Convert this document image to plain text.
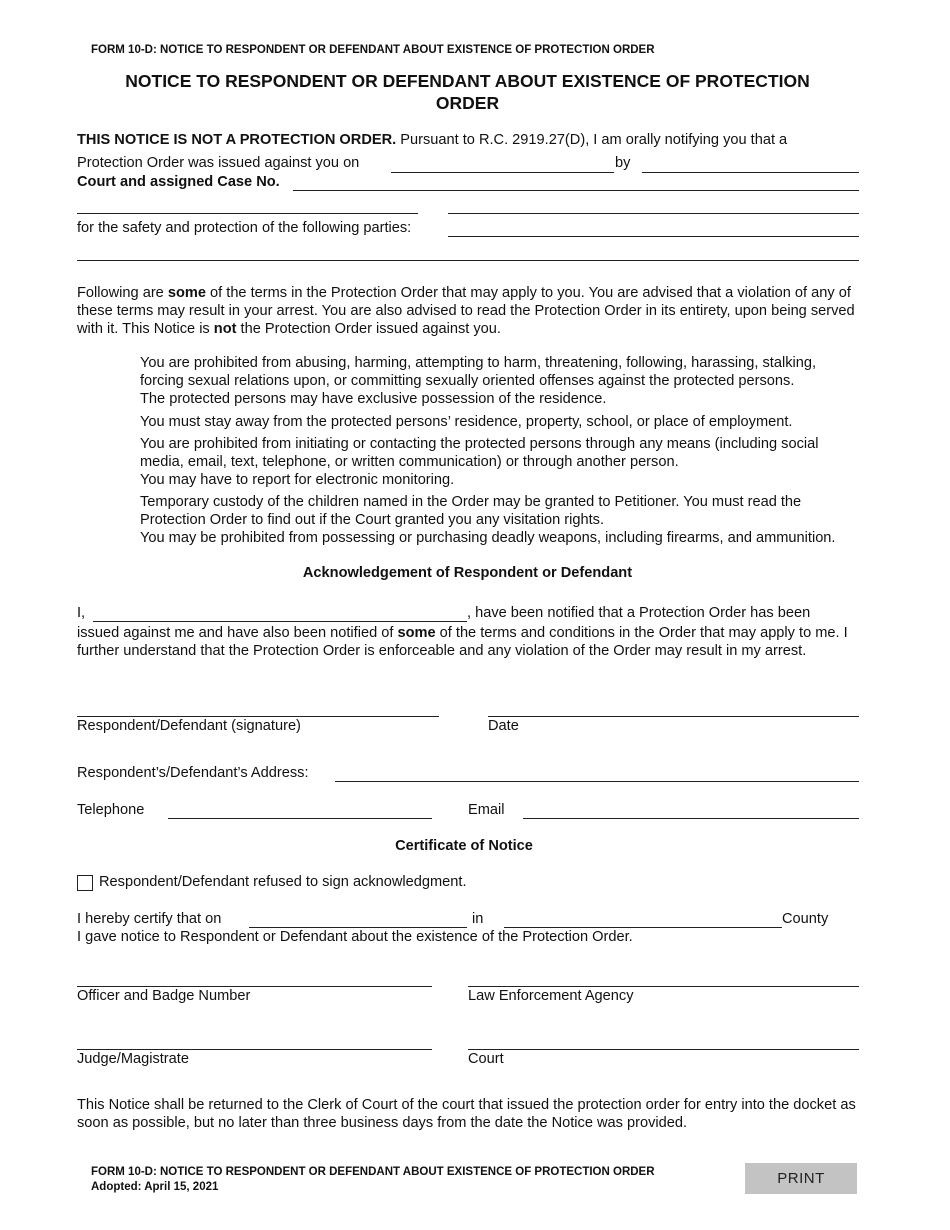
FORM 10-D: NOTICE TO RESPONDENT OR DEFENDANT ABOUT EXISTENCE OF PROTECTION ORDER
NOTICE TO RESPONDENT OR DEFENDANT ABOUT EXISTENCE OF PROTECTION
ORDER
THIS NOTICE IS NOT A PROTECTION ORDER. Pursuant to R.C. 2919.27(D), I am orally notifying you that a
Protection Order was issued against you on	by
Court and assigned Case No.
__________________________________________ __________________________________________
for the safety and protection of the following parties:
Following are some of the terms in the Protection Order that may apply to you. You are advised that a violation of any of these terms may result in your arrest. You are also advised to read the Protection Order in its entirety, upon being served with it. This Notice is not the Protection Order issued against you.
You are prohibited from abusing, harming, attempting to harm, threatening, following, harassing, stalking, forcing sexual relations upon, or committing sexually oriented offenses against the protected persons.
The protected persons may have exclusive possession of the residence.
You must stay away from the protected persons’ residence, property, school, or place of employment.
You are prohibited from initiating or contacting the protected persons through any means (including social media, email, text, telephone, or written communication) or through another person.
You may have to report for electronic monitoring.
Temporary custody of the children named in the Order may be granted to Petitioner. You must read the Protection Order to find out if the Court granted you any visitation rights.
You may be prohibited from possessing or purchasing deadly weapons, including firearms, and ammunition.
Acknowledgement of Respondent or Defendant
I,	, have been notified that a Protection Order has been
issued against me and have also been notified of some of the terms and conditions in the Order that may apply to me. I further understand that the Protection Order is enforceable and any violation of the Order may result in my arrest.
Respondent/Defendant (signature)	Date
Respondent’s/Defendant’s Address:
Telephone	Email
Certificate of Notice
Respondent/Defendant refused to sign acknowledgment.
I hereby certify that on	in	County
I gave notice to Respondent or Defendant about the existence of the Protection Order.
Officer and Badge Number	Law Enforcement Agency
Judge/Magistrate	Court
This Notice shall be returned to the Clerk of Court of the court that issued the protection order for entry into the docket as soon as possible, but no later than three business days from the date the Notice was provided.
FORM 10-D: NOTICE TO RESPONDENT OR DEFENDANT ABOUT EXISTENCE OF PROTECTION ORDER
Adopted: April 15, 2021	PRINT
